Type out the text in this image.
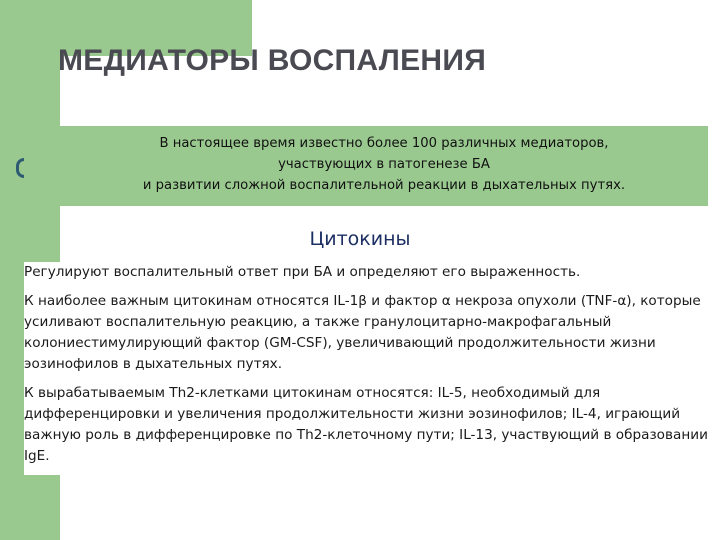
МЕДИАТОРЫ ВОСПАЛЕНИЯ
В настоящее время известно более 100 различных медиаторов,
участвующих в патогенезе БА
и развитии сложной воспалительной реакции в дыхательных путях.
Цитокины

Регулируют воспалительный ответ при БА и определяют его выраженность.

К наиболее важным цитокинам относятся IL-1β и фактор α некроза опухоли (TNF-α), которые усиливают воспалительную реакцию, а также гранулоцитарно-макрофагальный колониестимулирующий фактор (GM-CSF), увеличивающий продолжительности жизни эозинофилов в дыхательных путях.

К вырабатываемым Th2-клетками цитокинам относятся: IL-5, необходимый для дифференцировки и увеличения продолжительности жизни эозинофилов; IL-4, играющий важную роль в дифференцировке по Th2-клеточному пути; IL-13, участвующий в образовании IgE.
